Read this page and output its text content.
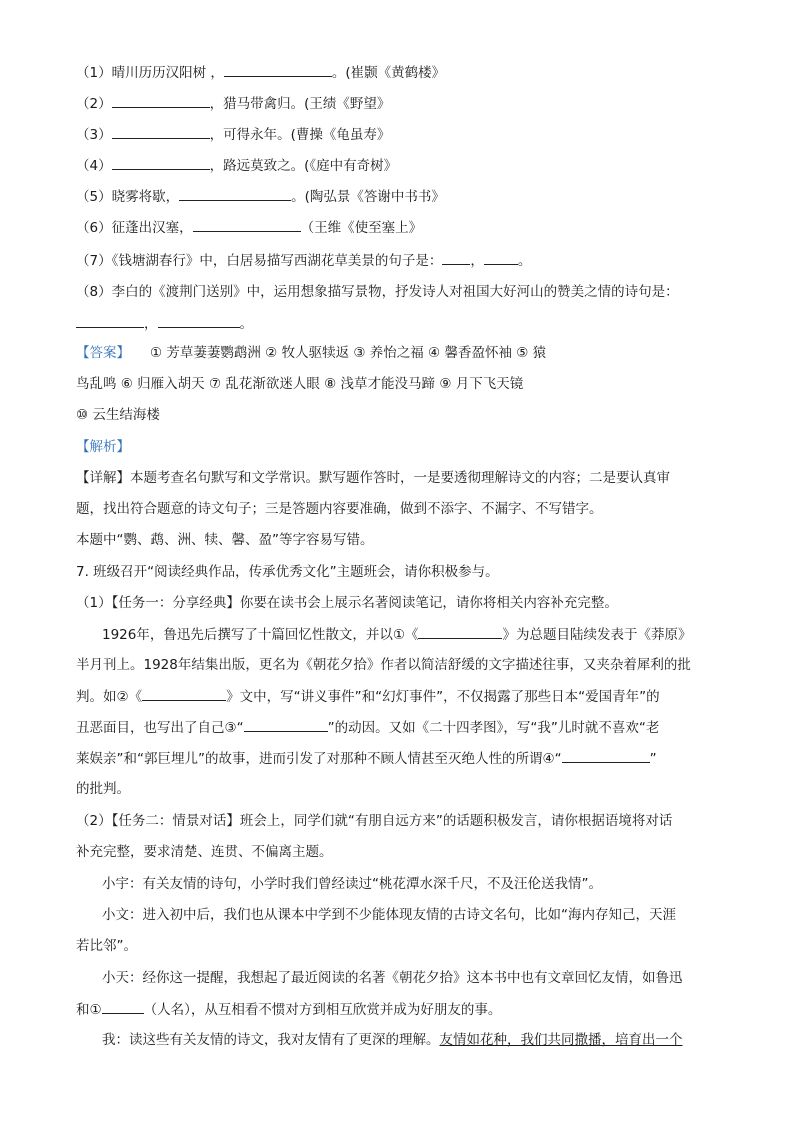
（1）晴川历历汉阳树 ，	。(崔颢《黄鹤楼》
（2）	，猎马带禽归。(王绩《野望》
（3）	，可得永年。(曹操《龟虽寿》
（4）	，路远莫致之。(《庭中有奇树》
（5）晓雾将歇，	。(陶弘景《答谢中书书》
（6）征蓬出汉塞，	（王维《使至塞上》
（7）《钱塘湖春行》中，白居易描写西湖花草美景的句子是： ，	。
（8）李白的《渡荆门送别》中，运用想象描写景物，抒发诗人对祖国大好河山的赞美之情的诗句是：
，	。
【答案】 ① 芳草萋萋鹦鹉洲 ② 牧人驱犊返 ③ 养怡之福 ④ 馨香盈怀袖 ⑤ 猿
鸟乱鸣 ⑥ 归雁入胡天 ⑦ 乱花渐欲迷人眼 ⑧ 浅草才能没马蹄 ⑨ 月下飞天镜
⑩ 云生结海楼
【解析】
【详解】本题考查名句默写和文学常识。默写题作答时，一是要透彻理解诗文的内容；二是要认真审
题，找出符合题意的诗文句子；三是答题内容要准确，做到不添字、不漏字、不写错字。
本题中“鹦、鹉、洲、犊、馨、盈”等字容易写错。
7. 班级召开“阅读经典作品，传承优秀文化”主题班会，请你积极参与。
（1）【任务一：分享经典】你要在读书会上展示名著阅读笔记，请你将相关内容补充完整。
1926年，鲁迅先后撰写了十篇回忆性散文，并以①《	》为总题目陆续发表于《莽原》
半月刊上。1928年结集出版，更名为《朝花夕拾》作者以简洁舒缓的文字描述往事，又夹杂着犀利的批
判。如②《	》文中，写“讲义事件”和“幻灯事件”，不仅揭露了那些日本“爱国青年”的
丑恶面目，也写出了自己③“	”的动因。又如《二十四孝图》，写“我”儿时就不喜欢“老
莱娱亲”和“郭巨埋儿”的故事，进而引发了对那种不顾人情甚至灭绝人性的所谓④“	”
的批判。
（2）【任务二：情景对话】班会上，同学们就“有朋自远方来”的话题积极发言，请你根据语境将对话
补充完整，要求清楚、连贯、不偏离主题。
小宇：有关友情的诗句，小学时我们曾经读过“桃花潭水深千尺，不及汪伦送我情”。
小文：进入初中后，我们也从课本中学到不少能体现友情的古诗文名句，比如“海内存知己，天涯
若比邻”。
小天：经你这一提醒，我想起了最近阅读的名著《朝花夕拾》这本书中也有文章回忆友情，如鲁迅
和①	（人名），从互相看不惯对方到相互欣赏并成为好朋友的事。
我：读这些有关友情的诗文，我对友情有了更深的理解。友情如花种，我们共同撒播，培育出一个
